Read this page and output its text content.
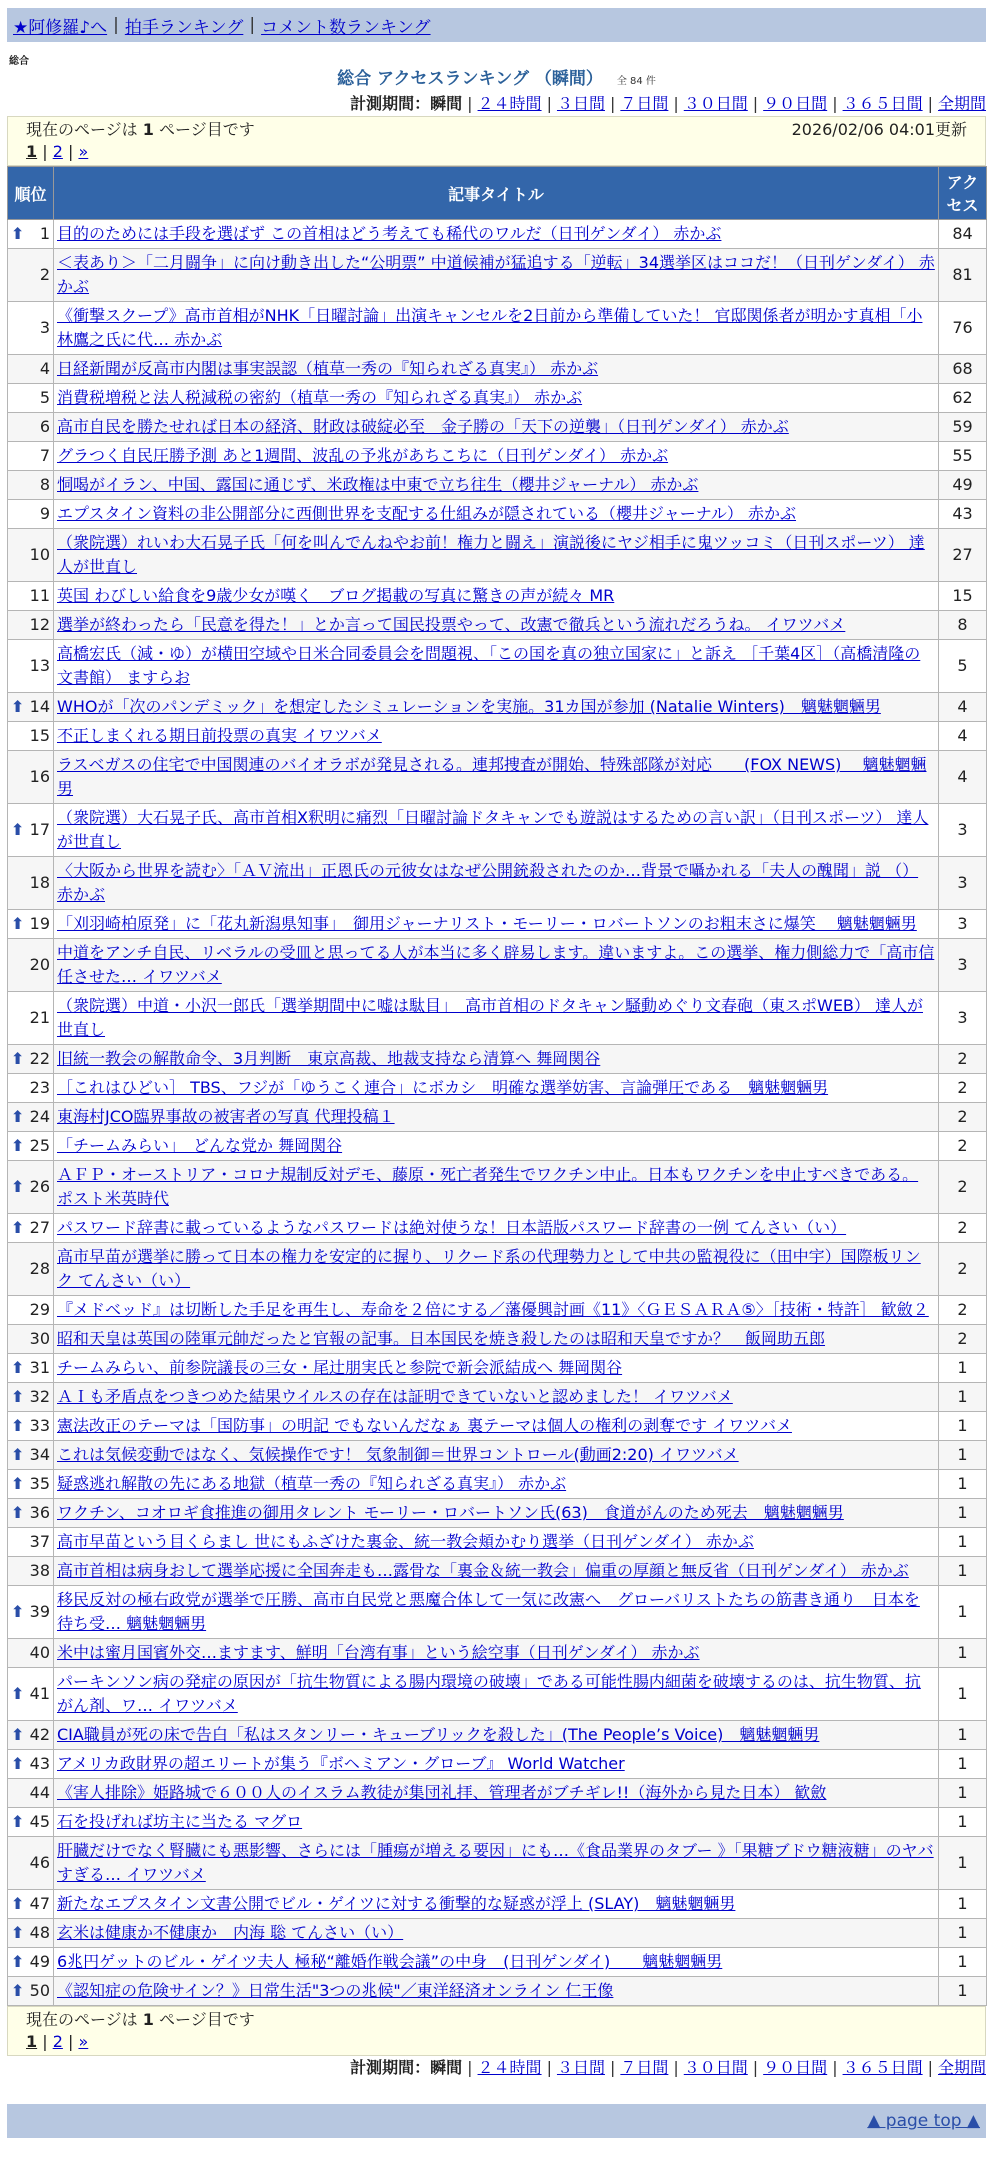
★阿修羅♪へ | 拍手ランキング | コメント数ランキング
総合
総合 アクセスランキング （瞬間） 全 84 件
計測期間：瞬間 | ２４時間 | ３日間 | ７日間 | ３０日間 | ９０日間 | ３６５日間 | 全期間
現在のページは 1 ページ目です	2026/02/06 04:01更新
1 | 2 | »
順位	記事タイトル	アクセス

⬆ 1	目的のためには手段を選ばず この首相はどう考えても稀代のワルだ（日刊ゲンダイ） 赤かぶ	84
2	＜表あり＞「二月闘争」に向け動き出した“公明票” 中道候補が猛追する「逆転」34選挙区はココだ！（日刊ゲンダイ） 赤かぶ	81
3	《衝撃スクープ》高市首相がNHK「日曜討論」出演キャンセルを2日前から準備していた！ 官邸関係者が明かす真相「小林鷹之氏に代… 赤かぶ	76
4	日経新聞が反高市内閣は事実誤認（植草一秀の『知られざる真実』） 赤かぶ	68
5	消費税増税と法人税減税の密約（植草一秀の『知られざる真実』） 赤かぶ	62
6	高市自民を勝たせれば日本の経済、財政は破綻必至　金子勝の「天下の逆襲」（日刊ゲンダイ） 赤かぶ	59
7	グラつく自民圧勝予測 あと1週間、波乱の予兆があちこちに（日刊ゲンダイ） 赤かぶ	55
8	恫喝がイラン、中国、露国に通じず、米政権は中東で立ち往生（櫻井ジャーナル） 赤かぶ	49
9	エプスタイン資料の非公開部分に西側世界を支配する仕組みが隠されている（櫻井ジャーナル） 赤かぶ	43
10	（衆院選）れいわ大石晃子氏「何を叫んでんねやお前！権力と闘え」演説後にヤジ相手に鬼ツッコミ（日刊スポーツ） 達人が世直し	27
11	英国 わびしい給食を9歳少女が嘆く　ブログ掲載の写真に驚きの声が続々 MR	15
12	選挙が終わったら「民意を得た！」とか言って国民投票やって、改憲で徹兵という流れだろうね。 イワツバメ	8
13	高橋宏氏（減・ゆ）が横田空域や日米合同委員会を問題視、「この国を真の独立国家に」と訴え ［千葉4区］（高橋清隆の文書館） ますらお	5

⬆ 14	WHOが「次のパンデミック」を想定したシミュレーションを実施。31カ国が参加 (Natalie Winters)　魑魅魍魎男	4
15	不正しまくれる期日前投票の真実 イワツバメ	4
16	ラスベガスの住宅で中国関連のバイオラボが発見される。連邦捜査が開始、特殊部隊が対応　　(FOX NEWS)　 魑魅魍魎男	4

⬆ 17	（衆院選）大石晃子氏、高市首相X釈明に痛烈「日曜討論ドタキャンでも遊説はするための言い訳」（日刊スポーツ） 達人が世直し	3
18	〈大阪から世界を読む〉「ＡＶ流出」正恩氏の元彼女はなぜ公開銃殺されたのか…背景で囁かれる「夫人の醜聞」説 （） 赤かぶ	3

⬆ 19	「刈羽崎柏原発」に「花丸新潟県知事」　御用ジャーナリスト・モーリー・ロバートソンのお粗末さに爆笑　 魑魅魍魎男	3
20	中道をアンチ自民、リベラルの受皿と思ってる人が本当に多く辟易します。違いますよ。この選挙、権力側総力で「高市信任させた… イワツバメ	3
21	（衆院選）中道・小沢一郎氏「選挙期間中に嘘は駄目」　高市首相のドタキャン騒動めぐり文春砲（東スポWEB） 達人が世直し	3

⬆ 22	旧統一教会の解散命令、3月判断　東京高裁、地裁支持なら清算へ 舞岡関谷	2
23	［これはひどい］ TBS、フジが「ゆうこく連合」にボカシ　明確な選挙妨害、言論弾圧である　魑魅魍魎男	2

⬆ 24	東海村JCO臨界事故の被害者の写真 代理投稿１	2

⬆ 25	「チームみらい」　どんな党か 舞岡関谷	2

⬆ 26	ＡＦＰ・オーストリア・コロナ規制反対デモ、藤原・死亡者発生でワクチン中止。日本もワクチンを中止すべきである。 ポスト米英時代	2

⬆ 27	パスワード辞書に載っているようなパスワードは絶対使うな！日本語版パスワード辞書の一例 てんさい（い）	2
28	高市早苗が選挙に勝って日本の権力を安定的に握り、リクード系の代理勢力として中共の監視役に（田中宇）国際板リンク てんさい（い）	2
29	『メドベッド』は切断した手足を再生し、寿命を２倍にする／藩優興討画《11》〈ＧＥＳＡＲＡ⑤〉［技術・特許］ 歓斂２	2
30	昭和天皇は英国の陸軍元帥だったと官報の記事。日本国民を焼き殺したのは昭和天皇ですか？　飯岡助五郎	2

⬆ 31	チームみらい、前参院議長の三女・尾辻朋実氏と参院で新会派結成へ 舞岡関谷	1

⬆ 32	ＡＩも矛盾点をつきつめた結果ウイルスの存在は証明できていないと認めました！ イワツバメ	1

⬆ 33	憲法改正のテーマは「国防事」の明記 でもないんだなぁ 裏テーマは個人の権利の剥奪です イワツバメ	1

⬆ 34	これは気候変動ではなく、気候操作です！ 気象制御＝世界コントロール(動画2:20) イワツバメ	1

⬆ 35	疑惑逃れ解散の先にある地獄（植草一秀の『知られざる真実』） 赤かぶ	1

⬆ 36	ワクチン、コオロギ食推進の御用タレント モーリー・ロバートソン氏(63)　食道がんのため死去　魑魅魍魎男	1
37	高市早苗という目くらまし 世にもふざけた裏金、統一教会頬かむり選挙（日刊ゲンダイ） 赤かぶ	1
38	高市首相は病身おして選挙応援に全国奔走も…露骨な「裏金＆統一教会」偏重の厚顔と無反省（日刊ゲンダイ） 赤かぶ	1

⬆ 39	移民反対の極右政党が選挙で圧勝、高市自民党と悪魔合体して一気に改憲へ　グローバリストたちの筋書き通り　日本を待ち受… 魑魅魍魎男	1
40	米中は蜜月国賓外交…ますます、鮮明「台湾有事」という絵空事（日刊ゲンダイ） 赤かぶ	1

⬆ 41	パーキンソン病の発症の原因が「抗生物質による腸内環境の破壊」である可能性腸内細菌を破壊するのは、抗生物質、抗がん剤、ワ… イワツバメ	1

⬆ 42	CIA職員が死の床で告白「私はスタンリー・キューブリックを殺した」(The People’s Voice)　魑魅魍魎男	1

⬆ 43	アメリカ政財界の超エリートが集う『ボヘミアン・グローブ』 World Watcher	1
44	《害人排除》姫路城で６００人のイスラム教徒が集団礼拝、管理者がブチギレ!!（海外から見た日本） 歓斂	1

⬆ 45	石を投げれば坊主に当たる マグロ	1
46	肝臓だけでなく腎臓にも悪影響、さらには「腫瘍が増える要因」にも…《食品業界のタブー 》「果糖ブドウ糖液糖」のヤバすぎる… イワツバメ	1

⬆ 47	新たなエプスタイン文書公開でビル・ゲイツに対する衝撃的な疑惑が浮上 (SLAY)　魑魅魍魎男	1

⬆ 48	玄米は健康か不健康か　内海 聡 てんさい（い）	1

⬆ 49	6兆円ゲットのビル・ゲイツ夫人 極秘“離婚作戦会議”の中身　(日刊ゲンダイ)　　魑魅魍魎男	1

⬆ 50	《認知症の危険サイン？》日常生活"3つの兆候"／東洋経済オンライン 仁王像	1
現在のページは 1 ページ目です
1 | 2 | »
計測期間：瞬間 | ２４時間 | ３日間 | ７日間 | ３０日間 | ９０日間 | ３６５日間 | 全期間
▲ page top ▲
